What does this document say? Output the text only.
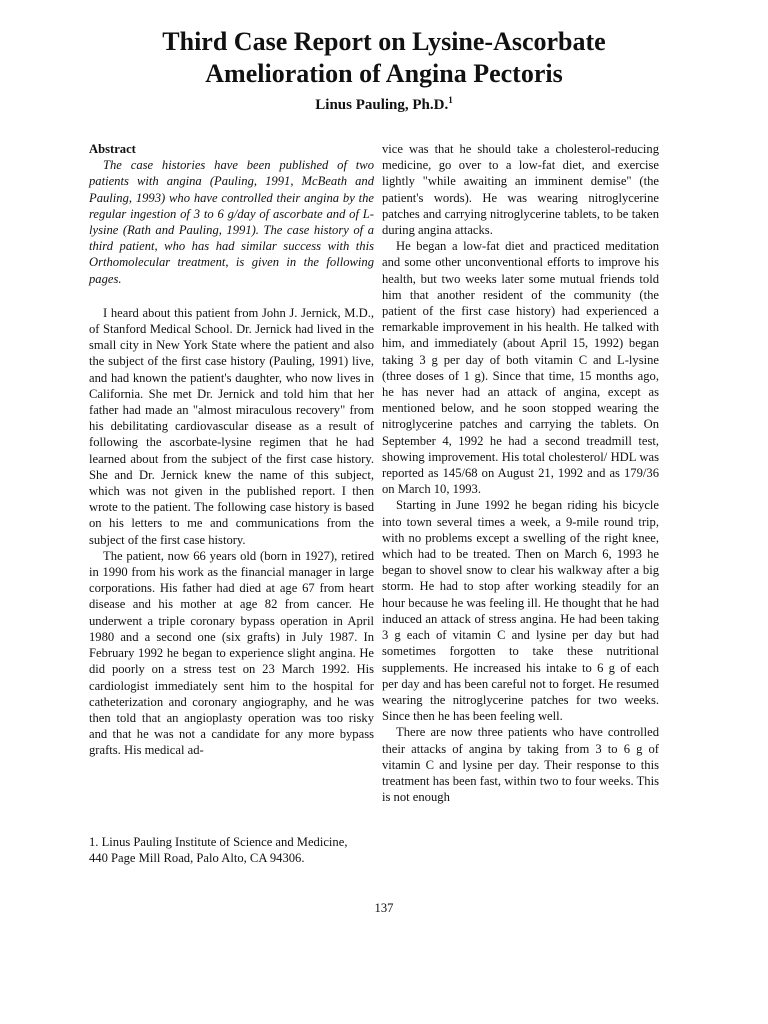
Third Case Report on Lysine-Ascorbate
Amelioration of Angina Pectoris
Linus Pauling, Ph.D.$^1$

Abstract

The case histories have been published of two patients with angina (Pauling, 1991, McBeath and Pauling, 1993) who have controlled their angina by the regular ingestion of 3 to 6 g/day of ascorbate and of L-lysine (Rath and Pauling, 1991). The case history of a third patient, who has had similar success with this Orthomolecular treatment, is given in the following pages.

I heard about this patient from John J. Jernick, M.D., of Stanford Medical School. Dr. Jernick had lived in the small city in New York State where the patient and also the subject of the first case history (Pauling, 1991) live, and had known the patient's daughter, who now lives in California. She met Dr. Jernick and told him that her father had made an "almost miraculous recovery" from his debilitating cardiovascular disease as a result of following the ascorbate-lysine regimen that he had learned about from the subject of the first case history. She and Dr. Jernick knew the name of this subject, which was not given in the published report. I then wrote to the patient. The following case history is based on his letters to me and communications from the subject of the first case history.

The patient, now 66 years old (born in 1927), retired in 1990 from his work as the financial manager in large corporations. His father had died at age 67 from heart disease and his mother at age 82 from cancer. He underwent a triple coronary bypass operation in April 1980 and a second one (six grafts) in July 1987. In February 1992 he began to experience slight angina. He did poorly on a stress test on 23 March 1992. His cardiologist immediately sent him to the hospital for catheterization and coronary angiography, and he was then told that an angioplasty operation was too risky and that he was not a candidate for any more bypass grafts. His medical ad-

vice was that he should take a cholesterol-reducing medicine, go over to a low-fat diet, and exercise lightly "while awaiting an imminent demise" (the patient's words). He was wearing nitroglycerine patches and carrying nitroglycerine tablets, to be taken during angina attacks.

He began a low-fat diet and practiced meditation and some other unconventional efforts to improve his health, but two weeks later some mutual friends told him that another resident of the community (the patient of the first case history) had experienced a remarkable improvement in his health. He talked with him, and immediately (about April 15, 1992) began taking 3 g per day of both vitamin C and L-lysine (three doses of 1 g). Since that time, 15 months ago, he has never had an attack of angina, except as mentioned below, and he soon stopped wearing the nitroglycerine patches and carrying the tablets. On September 4, 1992 he had a second treadmill test, showing improvement. His total cholesterol/ HDL was reported as 145/68 on August 21, 1992 and as 179/36 on March 10, 1993.

Starting in June 1992 he began riding his bicycle into town several times a week, a 9-mile round trip, with no problems except a swelling of the right knee, which had to be treated. Then on March 6, 1993 he began to shovel snow to clear his walkway after a big storm. He had to stop after working steadily for an hour because he was feeling ill. He thought that he had induced an attack of stress angina. He had been taking 3 g each of vitamin C and lysine per day but had sometimes forgotten to take these nutritional supplements. He increased his intake to 6 g of each per day and has been careful not to forget. He resumed wearing the nitroglycerine patches for two weeks. Since then he has been feeling well.

There are now three patients who have controlled their attacks of angina by taking from 3 to 6 g of vitamin C and lysine per day. Their response to this treatment has been fast, within two to four weeks. This is not enough

1. Linus Pauling Institute of Science and Medicine, 440 Page Mill Road, Palo Alto, CA 94306.

137
